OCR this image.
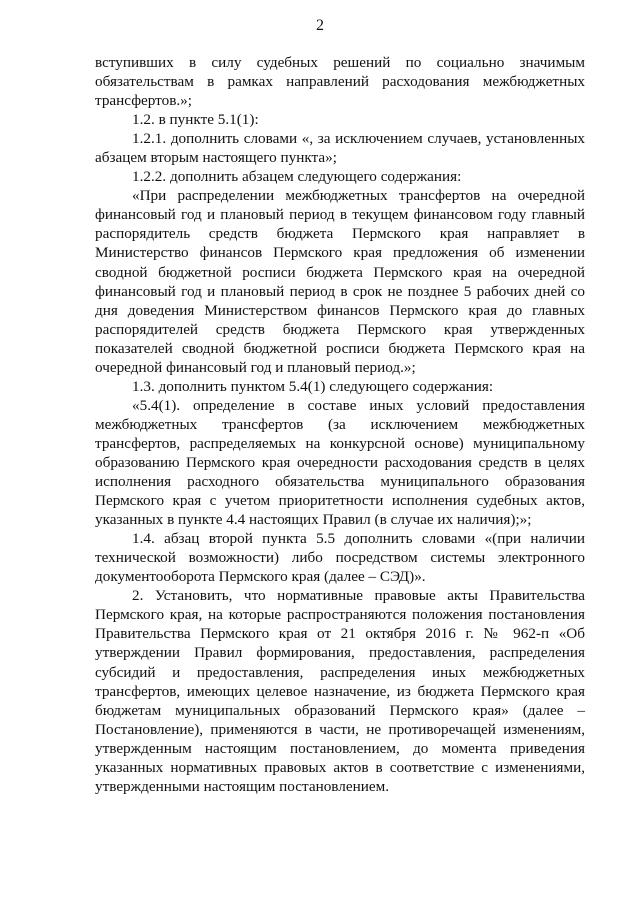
2

вступивших в силу судебных решений по социально значимым обязательствам в рамках направлений расходования межбюджетных трансфертов.»;

1.2. в пункте 5.1(1):

1.2.1. дополнить словами «, за исключением случаев, установленных абзацем вторым настоящего пункта»;

1.2.2. дополнить абзацем следующего содержания:

«При распределении межбюджетных трансфертов на очередной финансовый год и плановый период в текущем финансовом году главный распорядитель средств бюджета Пермского края направляет в Министерство финансов Пермского края предложения об изменении сводной бюджетной росписи бюджета Пермского края на очередной финансовый год и плановый период в срок не позднее 5 рабочих дней со дня доведения Министерством финансов Пермского края до главных распорядителей средств бюджета Пермского края утвержденных показателей сводной бюджетной росписи бюджета Пермского края на очередной финансовый год и плановый период.»;

1.3. дополнить пунктом 5.4(1) следующего содержания:

«5.4(1). определение в составе иных условий предоставления межбюджетных трансфертов (за исключением межбюджетных трансфертов, распределяемых на конкурсной основе) муниципальному образованию Пермского края очередности расходования средств в целях исполнения расходного обязательства муниципального образования Пермского края с учетом приоритетности исполнения судебных актов, указанных в пункте 4.4 настоящих Правил (в случае их наличия);»;

1.4. абзац второй пункта 5.5 дополнить словами «(при наличии технической возможности) либо посредством системы электронного документооборота Пермского края (далее – СЭД)».

2. Установить, что нормативные правовые акты Правительства Пермского края, на которые распространяются положения постановления Правительства Пермского края от 21 октября 2016 г. № 962-п «Об утверждении Правил формирования, предоставления, распределения субсидий и предоставления, распределения иных межбюджетных трансфертов, имеющих целевое назначение, из бюджета Пермского края бюджетам муниципальных образований Пермского края» (далее – Постановление), применяются в части, не противоречащей изменениям, утвержденным настоящим постановлением, до момента приведения указанных нормативных правовых актов в соответствие с изменениями, утвержденными настоящим постановлением.
